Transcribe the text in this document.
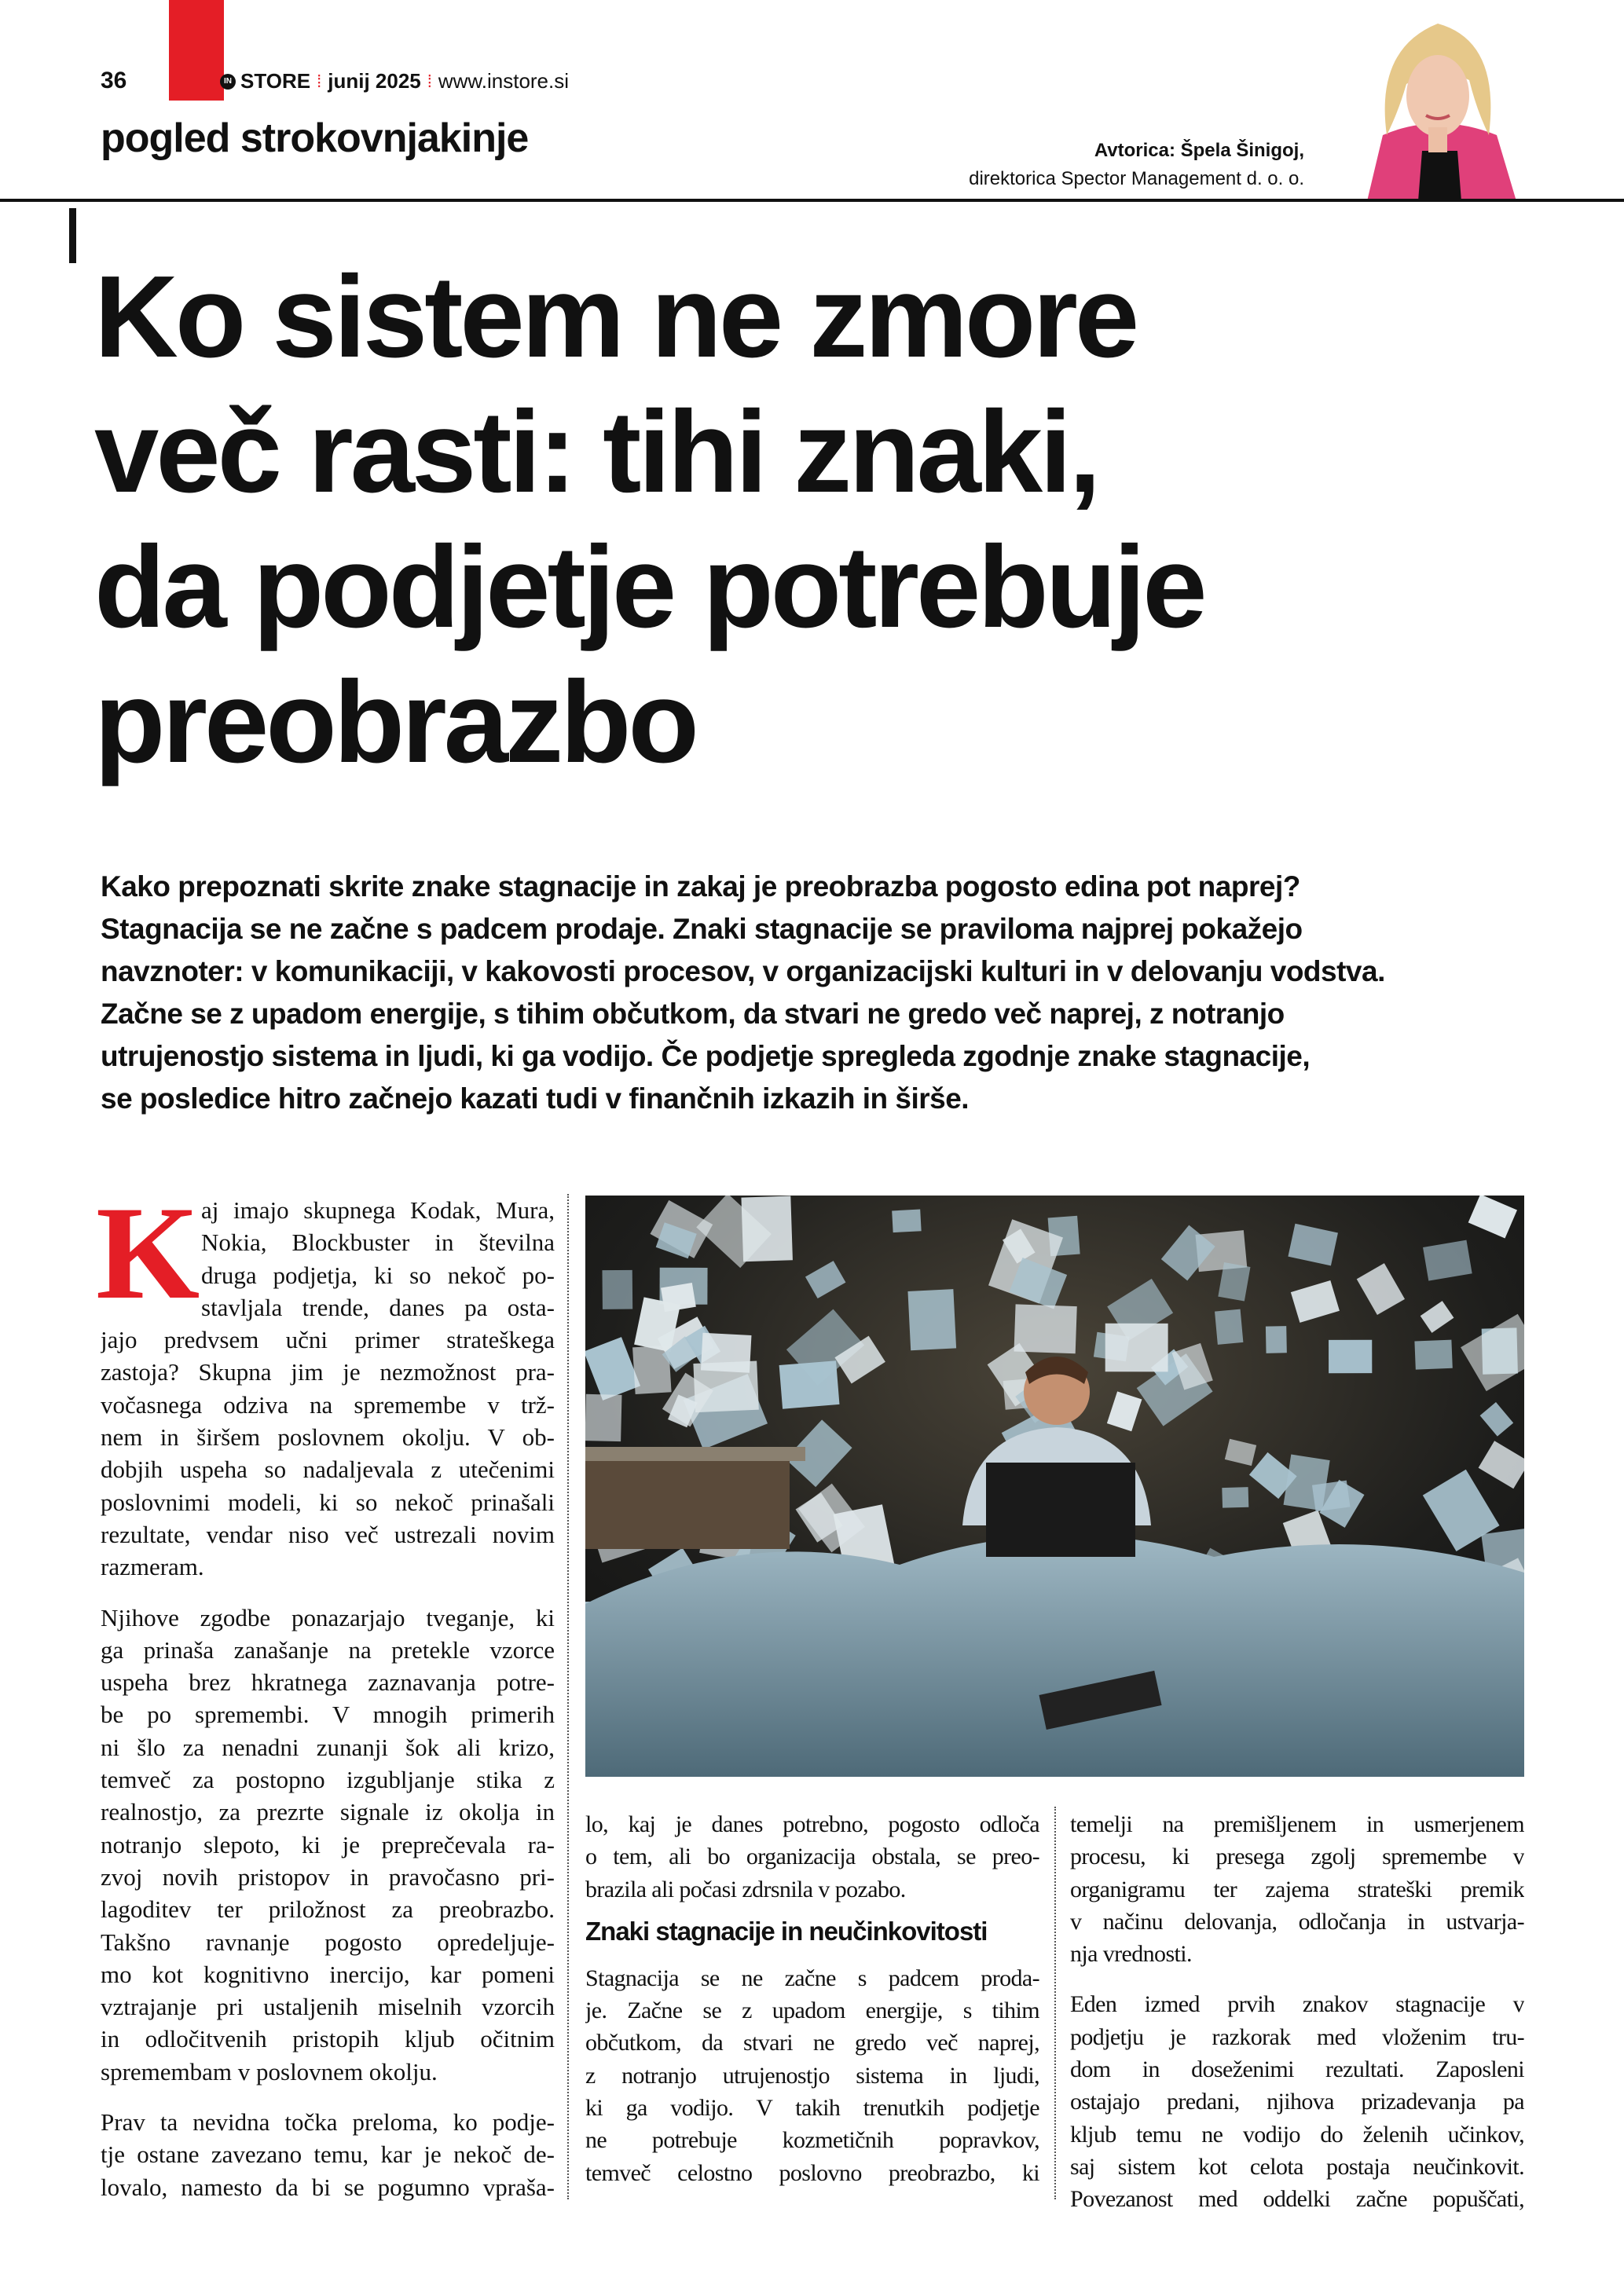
36	IN STORE ⁞ junij 2025 ⁞ www.instore.si
pogled strokovnjakinje	Avtorica: Špela Šinigoj,
direktorica Spector Management d. o. o.
Ko sistem ne zmore
več rasti: tihi znaki,
da podjetje potrebuje
preobrazbo
Kako prepoznati skrite znake stagnacije in zakaj je preobrazba pogosto edina pot naprej?
Stagnacija se ne začne s padcem prodaje. Znaki stagnacije se praviloma najprej pokažejo
navznoter: v komunikaciji, v kakovosti procesov, v organizacijski kulturi in v delovanju vodstva.
Začne se z upadom energije, s tihim občutkom, da stvari ne gredo več naprej, z notranjo
utrujenostjo sistema in ljudi, ki ga vodijo. Če podjetje spregleda zgodnje znake stagnacije,
se posledice hitro začnejo kazati tudi v finančnih izkazih in širše.
K aj imajo skupnega Kodak, Mura,
Nokia, Blockbuster in številna
druga podjetja, ki so nekoč po-
stavljala trende, danes pa osta-
jajo predvsem učni primer strateškega
zastoja? Skupna jim je nezmožnost pra-
vočasnega odziva na spremembe v trž-
nem in širšem poslovnem okolju. V ob-
dobjih uspeha so nadaljevala z utečenimi
poslovnimi modeli, ki so nekoč prinašali
rezultate, vendar niso več ustrezali novim
razmeram.
Njihove zgodbe ponazarjajo tveganje, ki
ga prinaša zanašanje na pretekle vzorce
uspeha brez hkratnega zaznavanja potre-
be po spremembi. V mnogih primerih
ni šlo za nenadni zunanji šok ali krizo,
temveč za postopno izgubljanje stika z
realnostjo, za prezrte signale iz okolja in
notranjo slepoto, ki je preprečevala ra-
zvoj novih pristopov in pravočasno pri-
lagoditev ter priložnost za preobrazbo.
Takšno ravnanje pogosto opredeljuje-
mo kot kognitivno inercijo, kar pomeni
vztrajanje pri ustaljenih miselnih vzorcih
in odločitvenih pristopih kljub očitnim
spremembam v poslovnem okolju.
Prav ta nevidna točka preloma, ko podje-
tje ostane zavezano temu, kar je nekoč de-
lovalo, namesto da bi se pogumno vpraša-
lo, kaj je danes potrebno, pogosto odloča
o tem, ali bo organizacija obstala, se preo-
brazila ali počasi zdrsnila v pozabo.
Znaki stagnacije in neučinkovitosti
Stagnacija se ne začne s padcem proda-
je. Začne se z upadom energije, s tihim
občutkom, da stvari ne gredo več naprej,
z notranjo utrujenostjo sistema in ljudi,
ki ga vodijo. V takih trenutkih podjetje
ne potrebuje kozmetičnih popravkov,
temveč celostno poslovno preobrazbo, ki
temelji na premišljenem in usmerjenem
procesu, ki presega zgolj spremembe v
organigramu ter zajema strateški premik
v načinu delovanja, odločanja in ustvarja-
nja vrednosti.
Eden izmed prvih znakov stagnacije v
podjetju je razkorak med vloženim tru-
dom in doseženimi rezultati. Zaposleni
ostajajo predani, njihova prizadevanja pa
kljub temu ne vodijo do želenih učinkov,
saj sistem kot celota postaja neučinkovit.
Povezanost med oddelki začne popuščati,
